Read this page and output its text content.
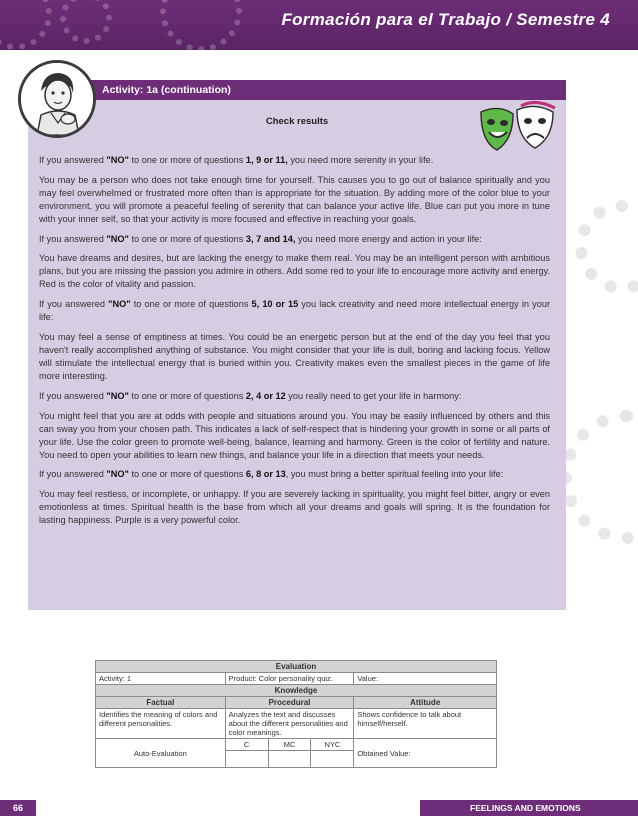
Formación para el Trabajo / Semestre 4
Activity: 1a (continuation)
Check results

If you answered "NO" to one or more of questions 1, 9 or 11, you need more serenity in your life.

You may be a person who does not take enough time for yourself. This causes you to go out of balance spiritually and you may feel overwhelmed or frustrated more often than is appropriate for the situation. By adding more of the color blue to your environment, you will promote a peaceful feeling of serenity that can balance your active life. Blue can put you more in tune with your inner self, so that your activity is more focused and effective in reaching your goals.

If you answered "NO" to one or more of questions 3, 7 and 14, you need more energy and action in your life:

You have dreams and desires, but are lacking the energy to make them real. You may be an intelligent person with ambitious plans, but you are missing the passion you admire in others. Add some red to your life to encourage more activity and energy. Red is the color of vitality and passion.

If you answered "NO" to one or more of questions 5, 10 or 15 you lack creativity and need more intellectual energy in your life:

You may feel a sense of emptiness at times. You could be an energetic person but at the end of the day you feel that you haven't really accomplished anything of substance. You might consider that your life is dull, boring and lacking focus. Yellow will stimulate the intellectual energy that is buried within you. Creativity makes even the smallest pieces in the game of life more interesting.

If you answered "NO" to one or more of questions 2, 4 or 12 you really need to get your life in harmony:

You might feel that you are at odds with people and situations around you. You may be easily influenced by others and this can sway you from your chosen path. This indicates a lack of self-respect that is hindering your growth in some or all parts of your life. Use the color green to promote well-being, balance, learning and harmony. Green is the color of fertility and nature. You need to open your abilities to learn new things, and balance your life in a direction that meets your needs.

If you answered "NO" to one or more of questions 6, 8 or 13, you must bring a better spiritual feeling into your life:

You may feel restless, or incomplete, or unhappy. If you are severely lacking in spirituality, you might feel bitter, angry or even emotionless at times. Spiritual health is the base from which all your dreams and goals will spring. It is the foundation for lasting happiness. Purple is a very powerful color.

Evaluation				
Activity: 1	Product: Color personality quiz.			Value:
Knowledge				
Factual	Procedural			Attitude
Identifies the meaning of colors and different personalities.	Analyzes the text and discusses about the different personalities and color meanings.			Shows confidence to talk about himself/herself.
Auto-Evaluation	C	MC	NYC	Obtained Value:

66	FEELINGS AND EMOTIONS
